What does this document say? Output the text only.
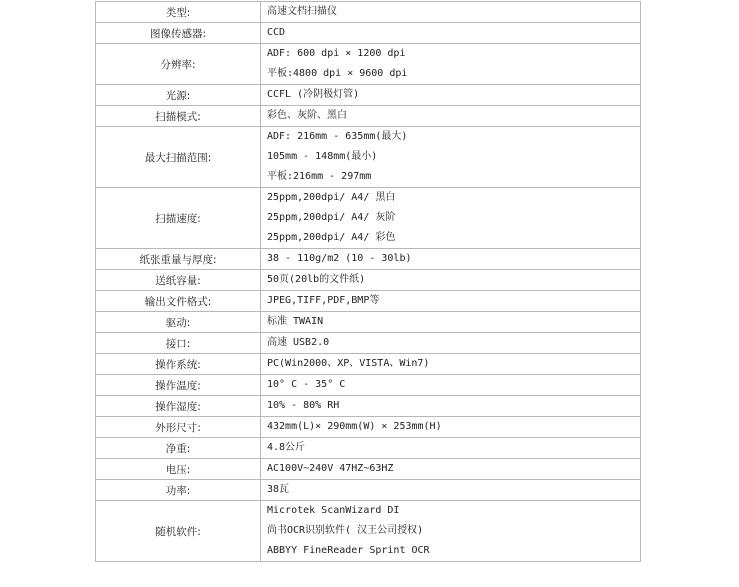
类型:	高速文档扫描仪

图像传感器:	CCD

分辨率:	ADF: 600 dpi × 1200 dpi
平板:4800 dpi × 9600 dpi

光源:	CCFL (冷阴极灯管)

扫描模式:	彩色、灰阶、黑白

最大扫描范围:	ADF: 216mm - 635mm(最大)
105mm - 148mm(最小)
平板:216mm - 297mm

扫描速度:	25ppm,200dpi/ A4/ 黑白
25ppm,200dpi/ A4/ 灰阶
25ppm,200dpi/ A4/ 彩色

纸张重量与厚度:	38 - 110g/m2 (10 - 30lb)

送纸容量:	50页(20lb的文件纸)

输出文件格式:	JPEG,TIFF,PDF,BMP等

驱动:	标准 TWAIN

接口:	高速 USB2.0

操作系统:	PC(Win2000、XP、VISTA、Win7)

操作温度:	10° C - 35° C

操作湿度:	10% - 80% RH

外形尺寸:	432mm(L)× 290mm(W) × 253mm(H)

净重:	4.8公斤

电压:	AC100V~240V 47HZ~63HZ

功率:	38瓦

随机软件:	Microtek ScanWizard DI
尚书OCR识别软件( 汉王公司授权)
ABBYY FineReader Sprint OCR
